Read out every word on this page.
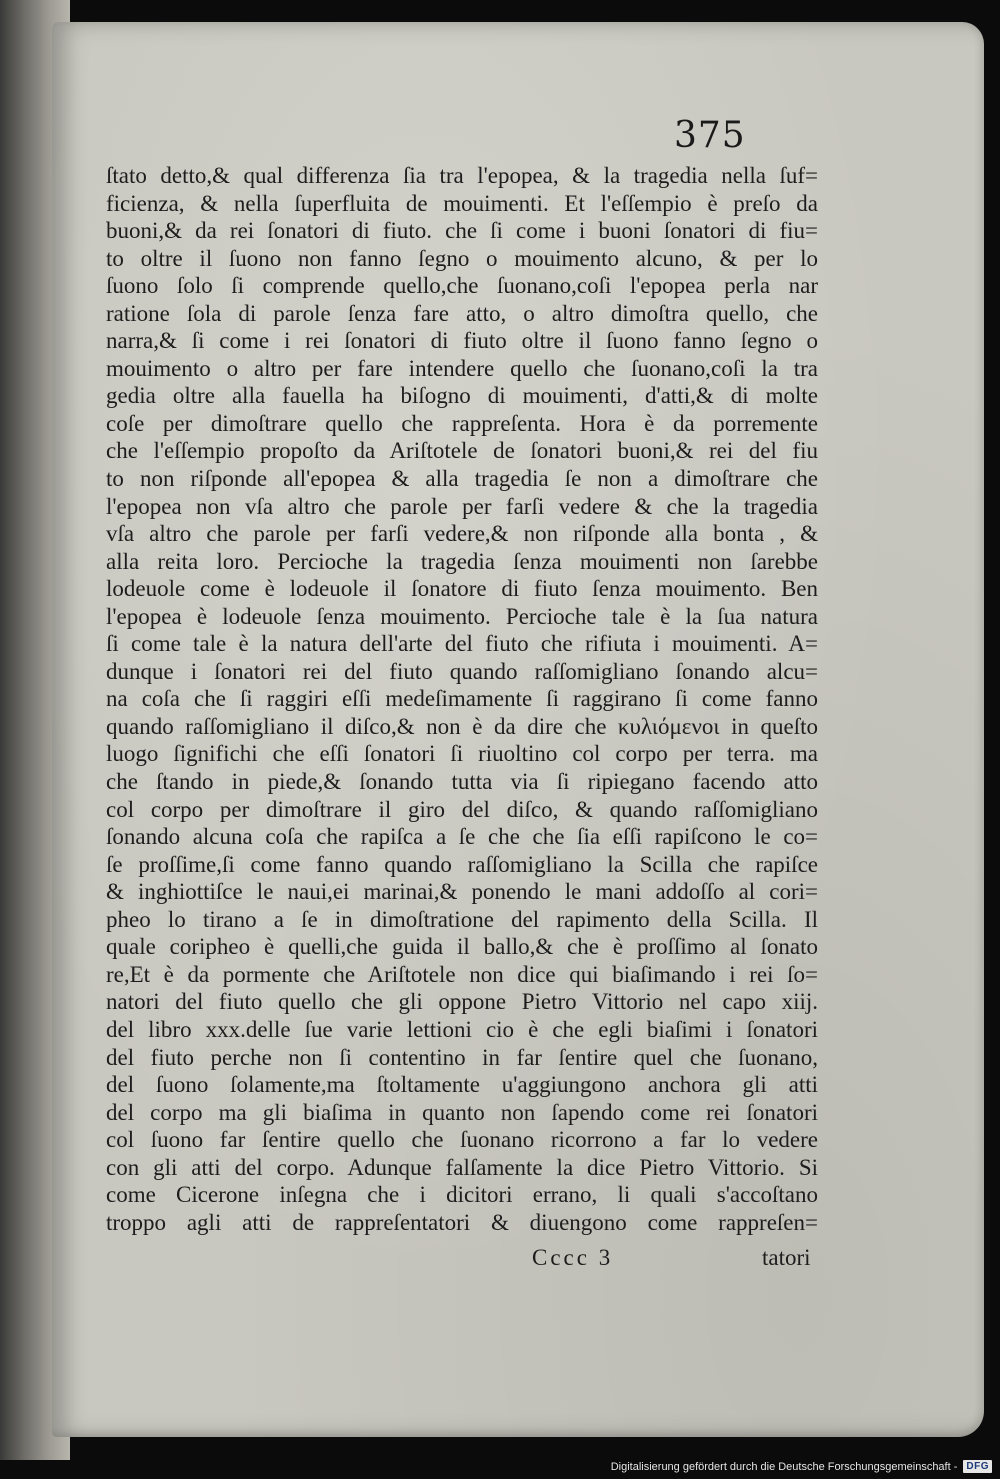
375

ſtato detto,& qual differenza ſia tra l'epopea, & la tragedia nella ſuf=
ficienza, & nella ſuperfluita de mouimenti. Et l'eſſempio è preſo da
buoni,& da rei ſonatori di fiuto. che ſi come i buoni ſonatori di fiu=
to oltre il ſuono non fanno ſegno o mouimento alcuno, & per lo
ſuono ſolo ſi comprende quello,che ſuonano,coſi l'epopea perla nar
ratione ſola di parole ſenza fare atto, o altro dimoſtra quello, che
narra,& ſi come i rei ſonatori di fiuto oltre il ſuono fanno ſegno o
mouimento o altro per fare intendere quello che ſuonano,coſi la tra
gedia oltre alla fauella ha biſogno di mouimenti, d'atti,& di molte
coſe per dimoſtrare quello che rappreſenta. Hora è da porremente
che l'eſſempio propoſto da Ariſtotele de ſonatori buoni,& rei del fiu
to non riſponde all'epopea & alla tragedia ſe non a dimoſtrare che
l'epopea non vſa altro che parole per farſi vedere & che la tragedia
vſa altro che parole per farſi vedere,& non riſponde alla bonta , &
alla reita loro. Percioche la tragedia ſenza mouimenti non ſarebbe
lodeuole come è lodeuole il ſonatore di fiuto ſenza mouimento. Ben
l'epopea è lodeuole ſenza mouimento. Percioche tale è la ſua natura
ſi come tale è la natura dell'arte del fiuto che rifiuta i mouimenti. A=
dunque i ſonatori rei del fiuto quando raſſomigliano ſonando alcu=
na coſa che ſi raggiri eſſi medeſimamente ſi raggirano ſi come fanno
quando raſſomigliano il diſco,& non è da dire che κυλιόμενοι in queſto
luogo ſignifichi che eſſi ſonatori ſi riuoltino col corpo per terra. ma
che ſtando in piede,& ſonando tutta via ſi ripiegano facendo atto
col corpo per dimoſtrare il giro del diſco, & quando raſſomigliano
ſonando alcuna coſa che rapiſca a ſe che che ſia eſſi rapiſcono le co=
ſe proſſime,ſi come fanno quando raſſomigliano la Scilla che rapiſce
& inghiottiſce le naui,ei marinai,& ponendo le mani addoſſo al cori=
pheo lo tirano a ſe in dimoſtratione del rapimento della Scilla. Il
quale coripheo è quelli,che guida il ballo,& che è proſſimo al ſonato
re,Et è da pormente che Ariſtotele non dice qui biaſimando i rei ſo=
natori del fiuto quello che gli oppone Pietro Vittorio nel capo xiij.
del libro xxx.delle ſue varie lettioni cio è che egli biaſimi i ſonatori
del fiuto perche non ſi contentino in far ſentire quel che ſuonano,
del ſuono ſolamente,ma ſtoltamente u'aggiungono anchora gli atti
del corpo ma gli biaſima in quanto non ſapendo come rei ſonatori
col ſuono far ſentire quello che ſuonano ricorrono a far lo vedere
con gli atti del corpo. Adunque falſamente la dice Pietro Vittorio. Si
come Cicerone inſegna che i dicitori errano, li quali s'accoſtano
troppo agli atti de rappreſentatori & diuengono come rappreſen=
Cccc 3	tatori
Digitalisierung gefördert durch die Deutsche Forschungsgemeinschaft - DFG
